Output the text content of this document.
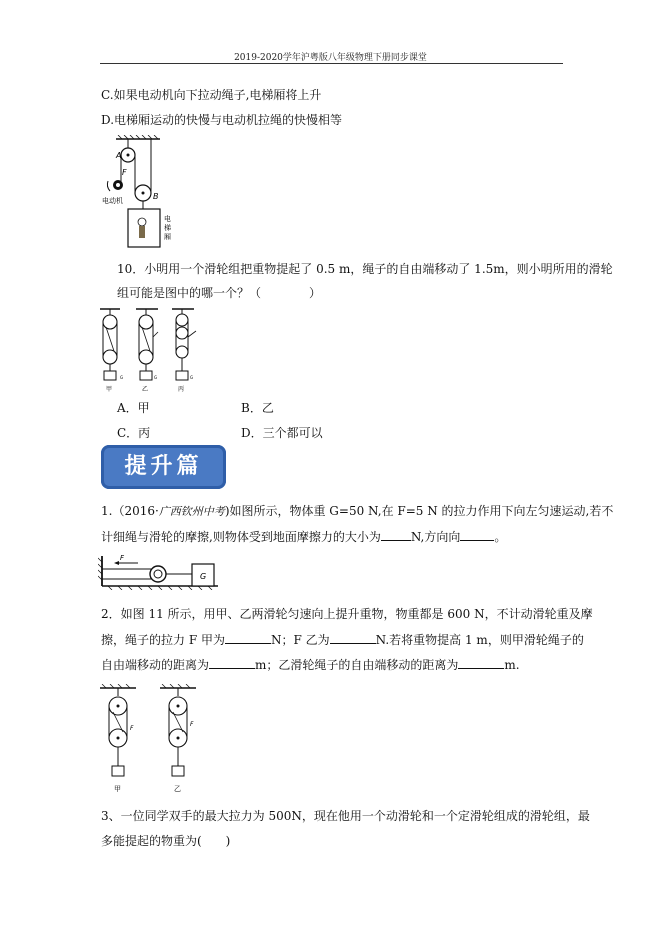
2019-2020学年沪粤版八年级物理下册同步课堂
C.如果电动机向下拉动绳子,电梯厢将上升
D.电梯厢运动的快慢与电动机拉绳的快慢相等
A
B
F
电动机
电梯厢
10．小明用一个滑轮组把重物提起了 0.5 m，绳子的自由端移动了 1.5m，则小明所用的滑轮
组可能是图中的哪一个？（　　　　）
G
甲
G
乙
G
丙
A．甲	B．乙
C．丙	D．三个都可以
提升篇
1.（2016·广西钦州中考)如图所示，物体重 G=50 N,在 F=5 N 的拉力作用下向左匀速运动,若不
计细绳与滑轮的摩擦,则物体受到地面摩擦力的大小为	N,方向向	。
F
G
2．如图 11 所示，用甲、乙两滑轮匀速向上提升重物，物重都是 600 N，不计动滑轮重及摩
擦，绳子的拉力 F 甲为	N；F 乙为	N.若将重物提高 1 m，则甲滑轮绳子的
自由端移动的距离为	m；乙滑轮绳子的自由端移动的距离为	m.
F
甲
F
乙
3、一位同学双手的最大拉力为 500N，现在他用一个动滑轮和一个定滑轮组成的滑轮组，最
多能提起的物重为(　　)
